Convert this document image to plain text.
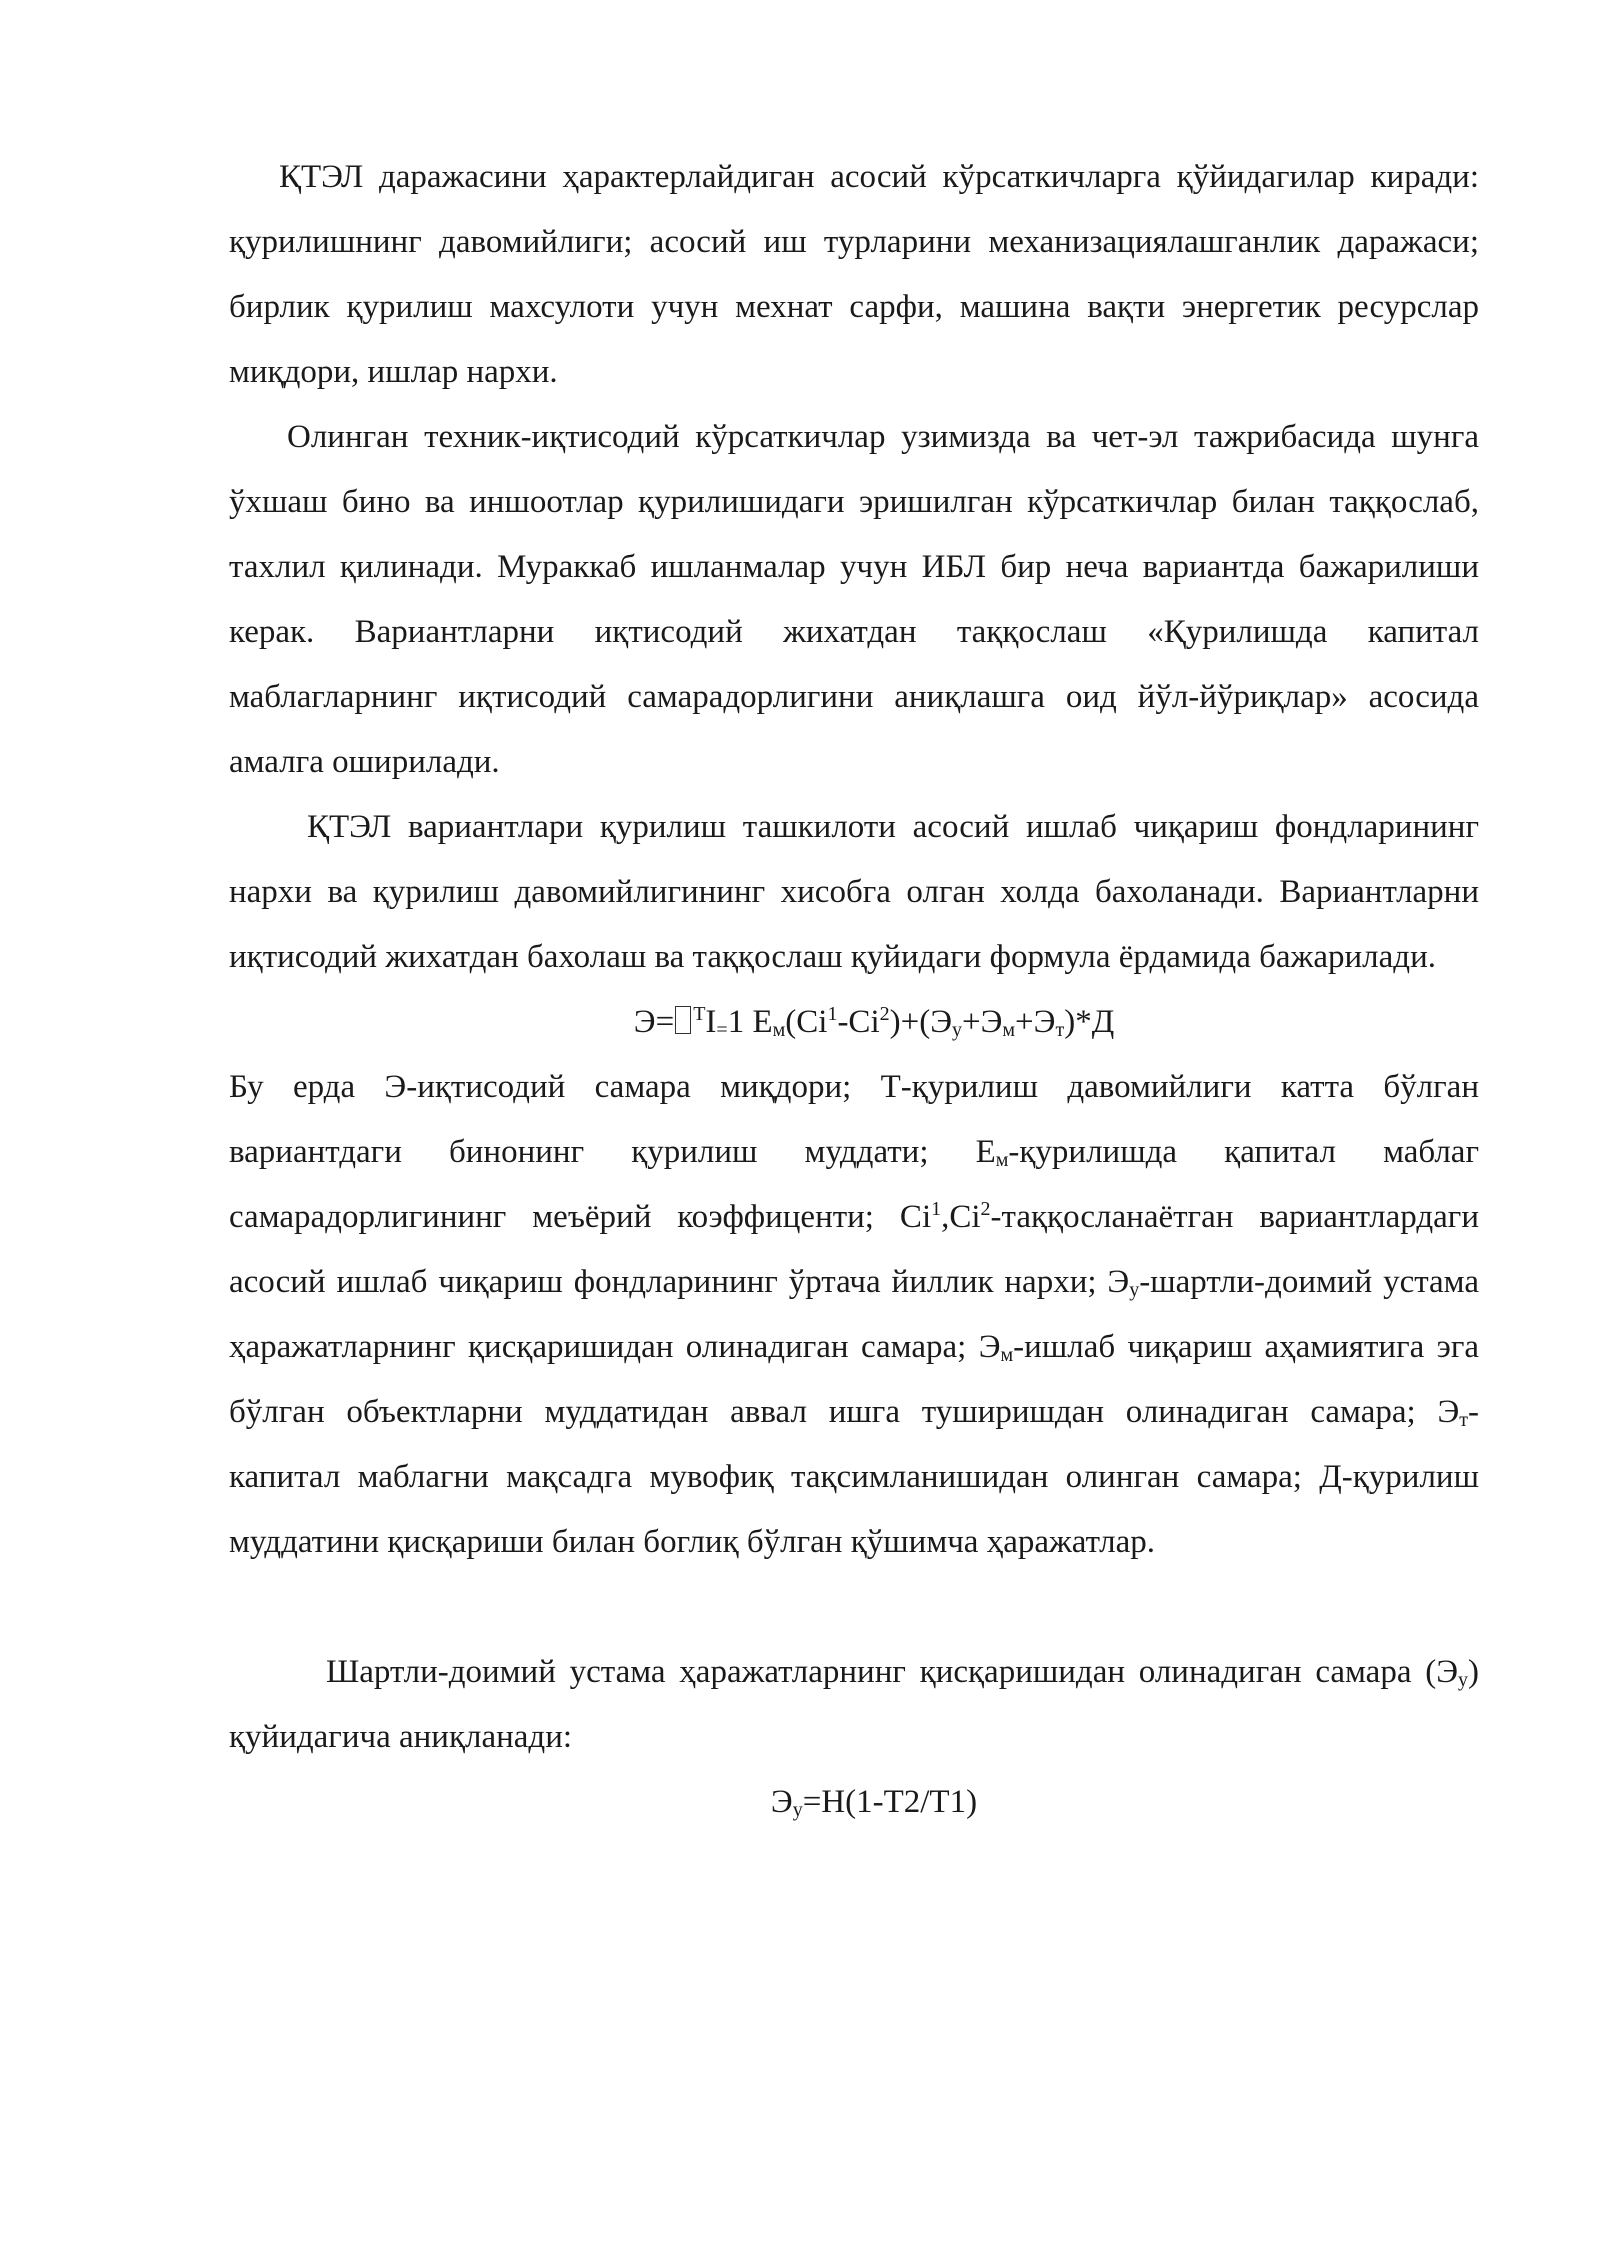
ҚТЭЛ даражасини ҳарактерлайдиган асосий кўрсаткичларга қўйидагилар киради: қурилишнинг давомийлиги; асосий иш турларини механизациялашганлик даражаси; бирлик қурилиш махсулоти учун мехнат сарфи, машина вақти энергетик ресурслар миқдори, ишлар нархи.

Олинган техник-иқтисодий кўрсаткичлар узимизда ва чет-эл тажрибасида шунга ўхшаш бино ва иншоотлар қурилишидаги эришилган кўрсаткичлар билан таққослаб, тахлил қилинади. Мураккаб ишланмалар учун ИБЛ бир неча вариантда бажарилиши керак. Вариантларни иқтисодий жихатдан таққослаш «Қурилишда капитал маблагларнинг иқтисодий самарадорлигини аниқлашга оид йўл-йўриқлар» асосида амалга оширилади.

ҚТЭЛ вариантлари қурилиш ташкилоти асосий ишлаб чиқариш фондларининг нархи ва қурилиш давомийлигининг хисобга олган холда бахоланади. Вариантларни иқтисодий жихатдан бахолаш ва таққослаш қуйидаги формула ёрдамида бажарилади.

$Э= ^TI_=1$ $Е_м(Ci^1-Ci^2)+(Э_у+Э_м+Э_т)*Д$

Бу ерда Э-иқтисодий самара миқдори; Т-қурилиш давомийлиги катта бўлган вариантдаги бинонинг қурилиш муддати; $Е_м$-қурилишда қапитал маблаг самарадорлигининг меъёрий коэффиценти; Ci$^1$,Ci$^2$-таққосланаётган вариантлардаги асосий ишлаб чиқариш фондларининг ўртача йиллик нархи; $Э_у-шартли$-доимий устама ҳаражатларнинг қисқаришидан олинадиган самара; $Э_м$-ишлаб чиқариш аҳамиятига эга бўлган объектларни муддатидан аввал ишга туширишдан олинадиган самара; $Э_т$-капитал маблагни мақсадга мувофиқ тақсимланишидан олинган самара; Д-қурилиш муддатини қисқариши билан боглиқ бўлган қўшимча ҳаражатлар.

Шартли-доимий устама ҳаражатларнинг қисқаришидан олинадиган самара $(Э_у)$ қуйидагича аниқланади:

$Э_у=Н(1-Т2/Т1)$
